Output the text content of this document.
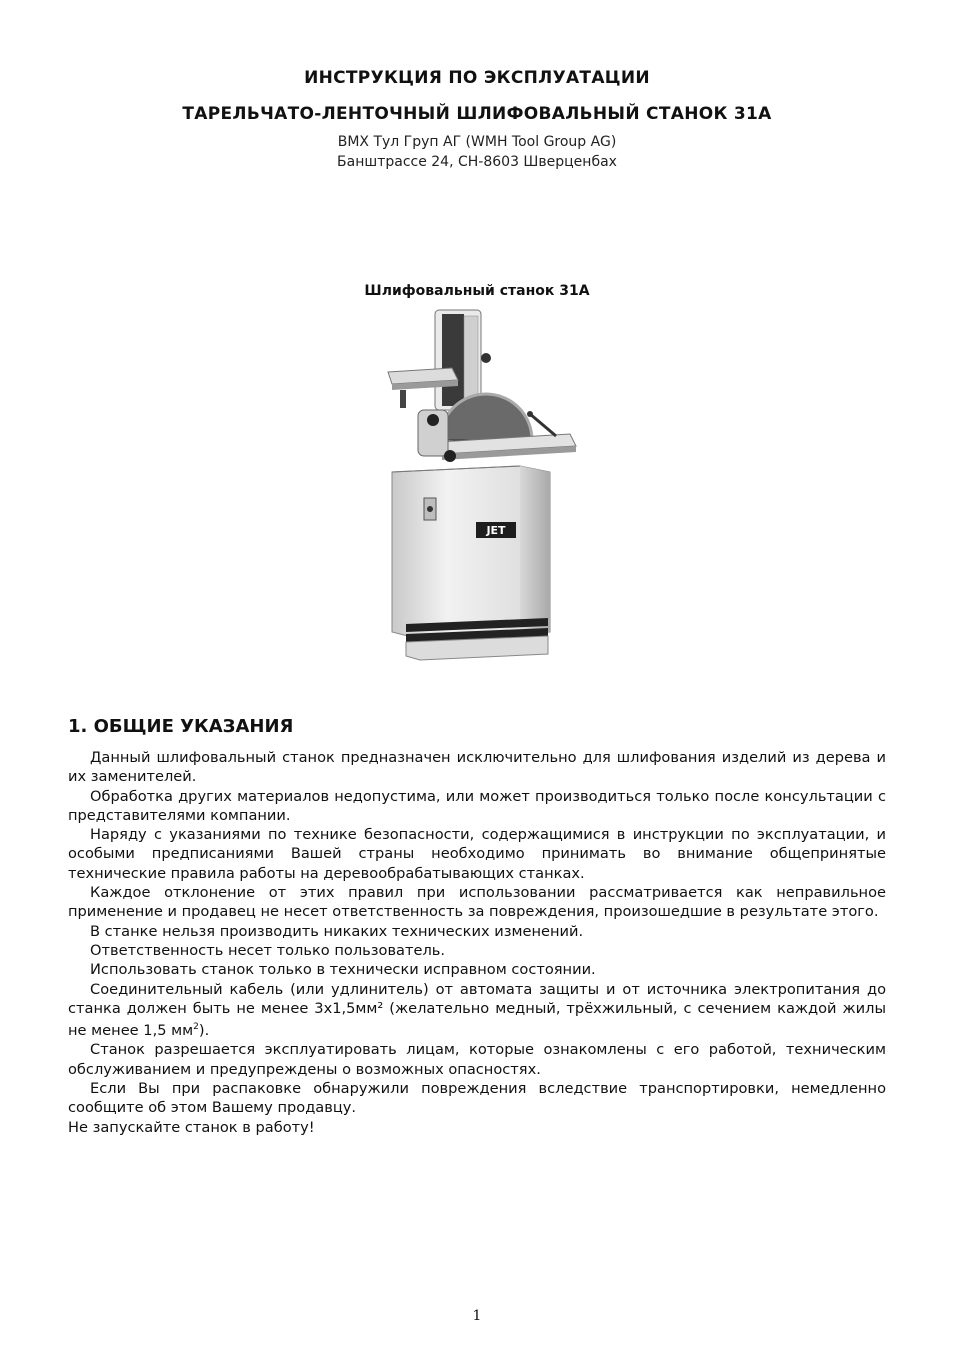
ИНСТРУКЦИЯ ПО ЭКСПЛУАТАЦИИ
ТАРЕЛЬЧАТО-ЛЕНТОЧНЫЙ ШЛИФОВАЛЬНЫЙ СТАНОК 31A
ВМХ Тул Груп АГ (WMH Tool Group AG)
Банштрассе 24, CH-8603 Шверценбах
Шлифовальный станок 31А
JET
1. ОБЩИЕ УКАЗАНИЯ

Данный шлифовальный станок предназначен исключительно для шлифования изделий из дерева и их заменителей.

Обработка других материалов недопустима, или может производиться только после консультации с представителями компании.

Наряду с указаниями по технике безопасности, содержащимися в инструкции по эксплуатации, и особыми предписаниями Вашей страны необходимо принимать во внимание общепринятые технические правила работы на деревообрабатывающих станках.

Каждое отклонение от этих правил при использовании рассматривается как неправильное применение и продавец не несет ответственность за повреждения, произошедшие в результате этого.

В станке нельзя производить никаких технических изменений.

Ответственность несет только пользователь.

Использовать станок только в технически исправном состоянии.

Соединительный кабель (или удлинитель) от автомата защиты и от источника электропитания до станка должен быть не менее 3х1,5мм² (желательно медный, трёхжильный, с сечением каждой жилы не менее 1,5 $мм^2$).

Станок разрешается эксплуатировать лицам, которые ознакомлены с его работой, техническим обслуживанием и предупреждены о возможных опасностях.

Если Вы при распаковке обнаружили повреждения вследствие транспортировки, немедленно сообщите об этом Вашему продавцу.

Не запускайте станок в работу!

1
